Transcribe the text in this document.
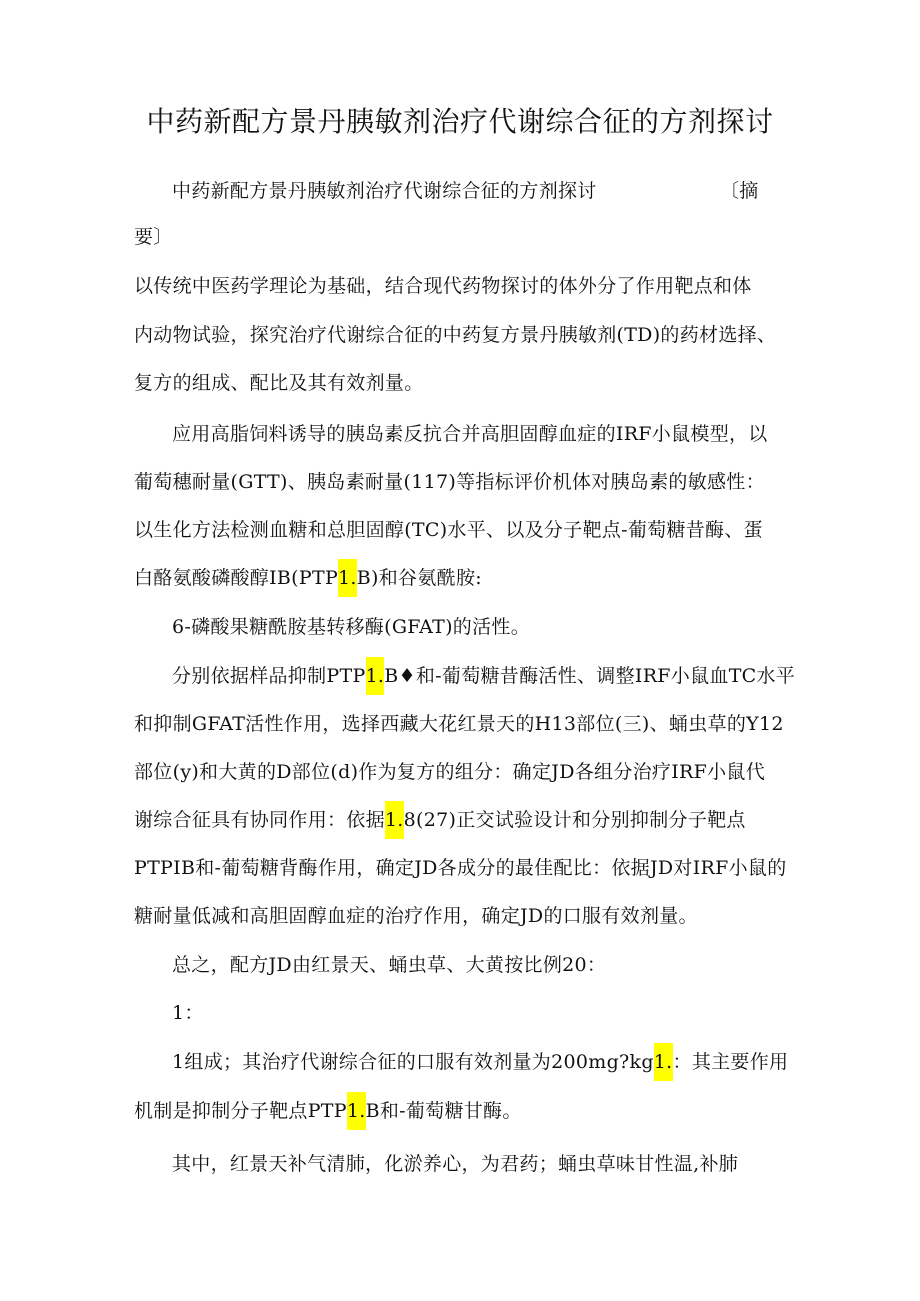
中药新配方景丹胰敏剂治疗代谢综合征的方剂探讨
中药新配方景丹胰敏剂治疗代谢综合征的方剂探讨	〔摘
要〕
以传统中医药学理论为基础，结合现代药物探讨的体外分了作用靶点和体
内动物试验，探究治疗代谢综合征的中药复方景丹胰敏剂(TD)的药材选择、
复方的组成、配比及其有效剂量。
应用高脂饲料诱导的胰岛素反抗合并高胆固醇血症的IRF小鼠模型，以
葡萄穗耐量(GTT)、胰岛素耐量(117)等指标评价机体对胰岛素的敏感性：
以生化方法检测血糖和总胆固醇(TC)水平、以及分子靶点-葡萄糖昔酶、蛋
白酪氨酸磷酸醇IB(PTP1.B)和谷氨酰胺:
6-磷酸果糖酰胺基转移酶(GFAT)的活性。
分别依据样品抑制PTP1.B♦和-葡萄糖昔酶活性、调整IRF小鼠血TC水平
和抑制GFAT活性作用，选择西藏大花红景天的H13部位(三)、蛹虫草的Y12
部位(y)和大黄的D部位(d)作为复方的组分：确定JD各组分治疗IRF小鼠代
谢综合征具有协同作用：依据1.8(27)正交试验设计和分别抑制分子靶点
PTPIB和-葡萄糖背酶作用，确定JD各成分的最佳配比：依据JD对IRF小鼠的
糖耐量低减和高胆固醇血症的治疗作用，确定JD的口服有效剂量。
总之，配方JD由红景天、蛹虫草、大黄按比例20：
1：
1组成；其治疗代谢综合征的口服有效剂量为200mg?kg1.：其主要作用
机制是抑制分子靶点PTP1.B和-葡萄糖甘酶。
其中，红景天补气清肺，化淤养心，为君药；蛹虫草味甘性温,补肺
